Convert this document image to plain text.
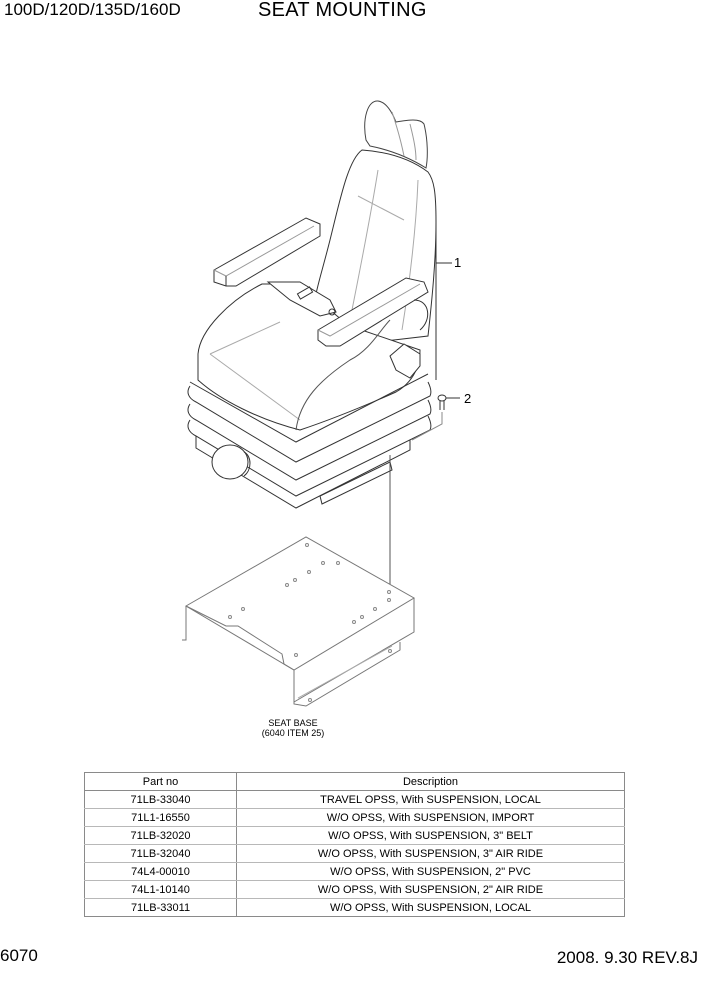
100D/120D/135D/160D	SEAT MOUNTING
1
2
SEAT BASE
(6040 ITEM 25)
Part no	Description
71LB-33040	TRAVEL OPSS, With SUSPENSION, LOCAL
71L1-16550	W/O OPSS, With SUSPENSION, IMPORT
71LB-32020	W/O OPSS, With SUSPENSION, 3" BELT
71LB-32040	W/O OPSS, With SUSPENSION, 3" AIR RIDE
74L4-00010	W/O OPSS, With SUSPENSION, 2" PVC
74L1-10140	W/O OPSS, With SUSPENSION, 2" AIR RIDE
71LB-33011	W/O OPSS, With SUSPENSION, LOCAL
6070	2008. 9.30 REV.8J
